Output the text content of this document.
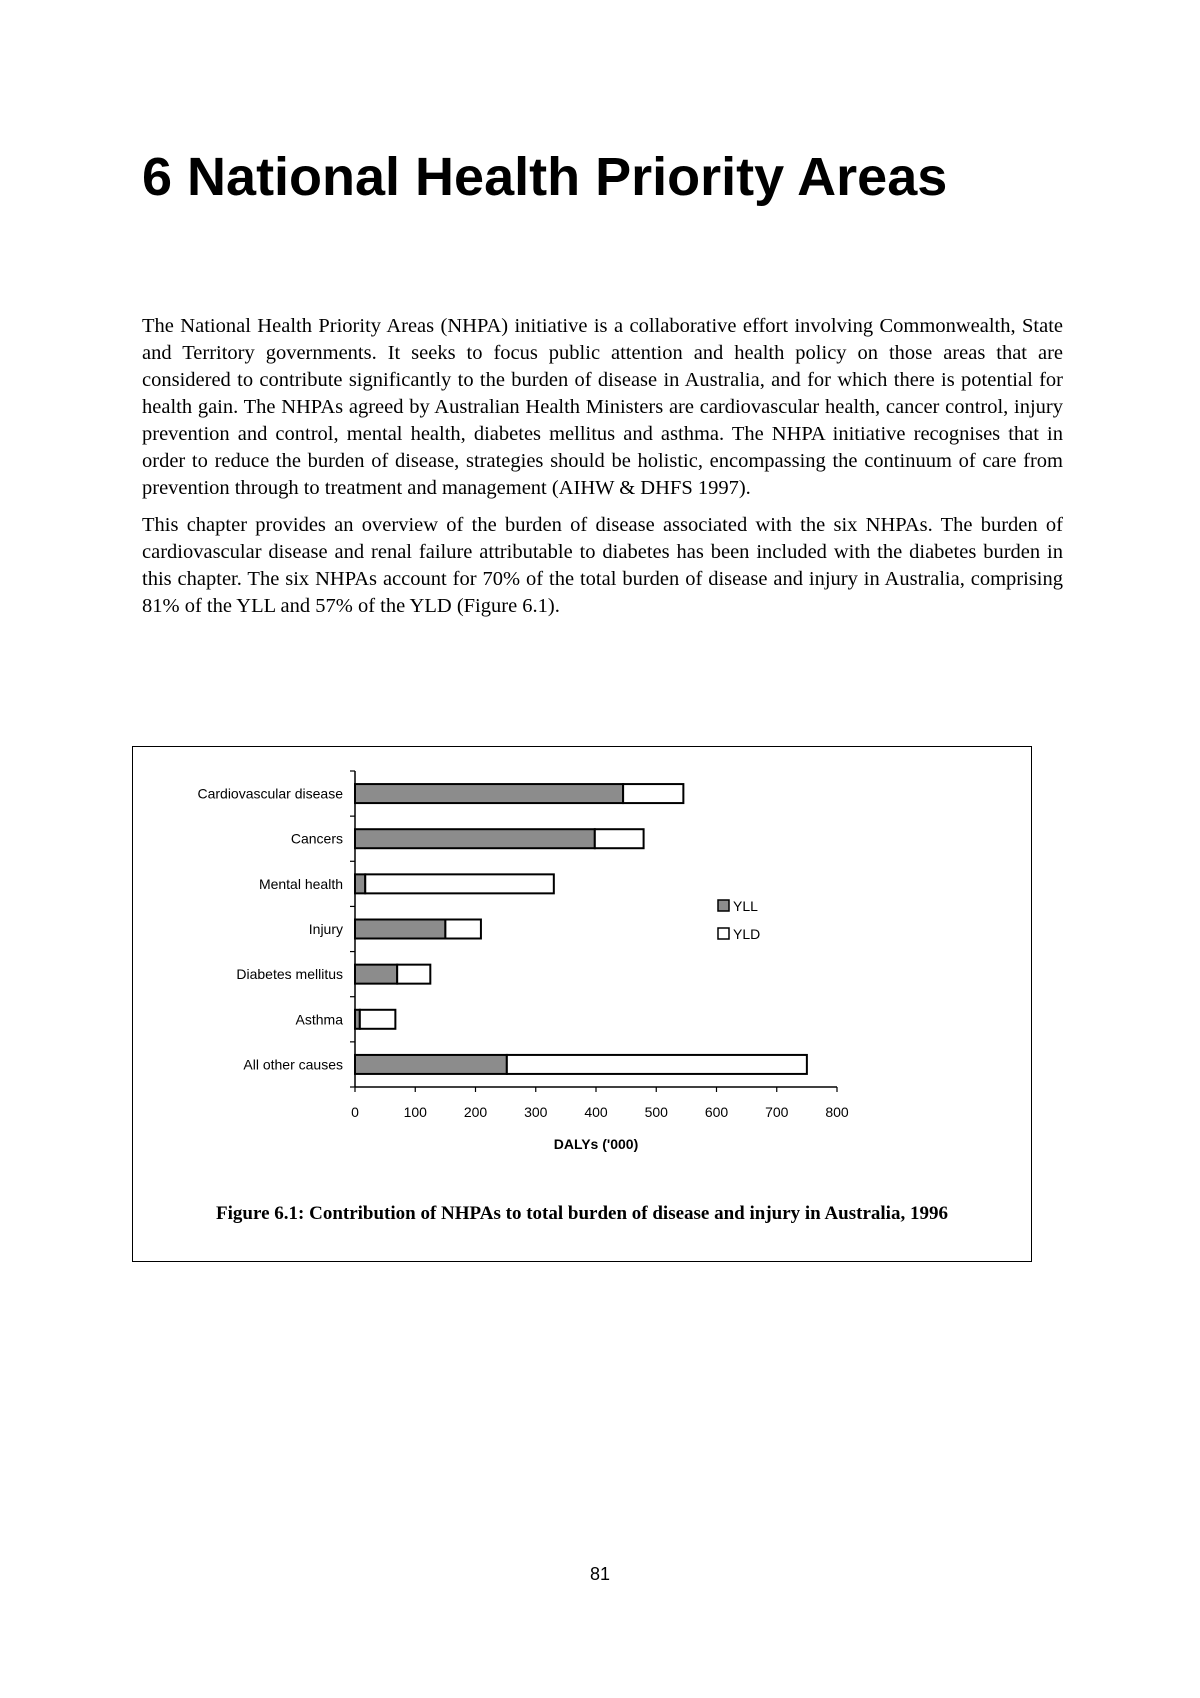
6 National Health Priority Areas

The National Health Priority Areas (NHPA) initiative is a collaborative effort involving Commonwealth, State and Territory governments. It seeks to focus public attention and health policy on those areas that are considered to contribute significantly to the burden of disease in Australia, and for which there is potential for health gain. The NHPAs agreed by Australian Health Ministers are cardiovascular health, cancer control, injury prevention and control, mental health, diabetes mellitus and asthma. The NHPA initiative recognises that in order to reduce the burden of disease, strategies should be holistic, encompassing the continuum of care from prevention through to treatment and management (AIHW & DHFS 1997).

This chapter provides an overview of the burden of disease associated with the six NHPAs. The burden of cardiovascular disease and renal failure attributable to diabetes has been included with the diabetes burden in this chapter. The six NHPAs account for 70% of the total burden of disease and injury in Australia, comprising 81% of the YLL and 57% of the YLD (Figure 6.1).

0	100	200	300	400	500	600	700	800
DALYs ('000)
Cardiovascular disease
Cancers
Mental health
Injury
Diabetes mellitus
Asthma
All other causes
YLL
YLD
Figure 6.1: Contribution of NHPAs to total burden of disease and injury in Australia, 1996
81
